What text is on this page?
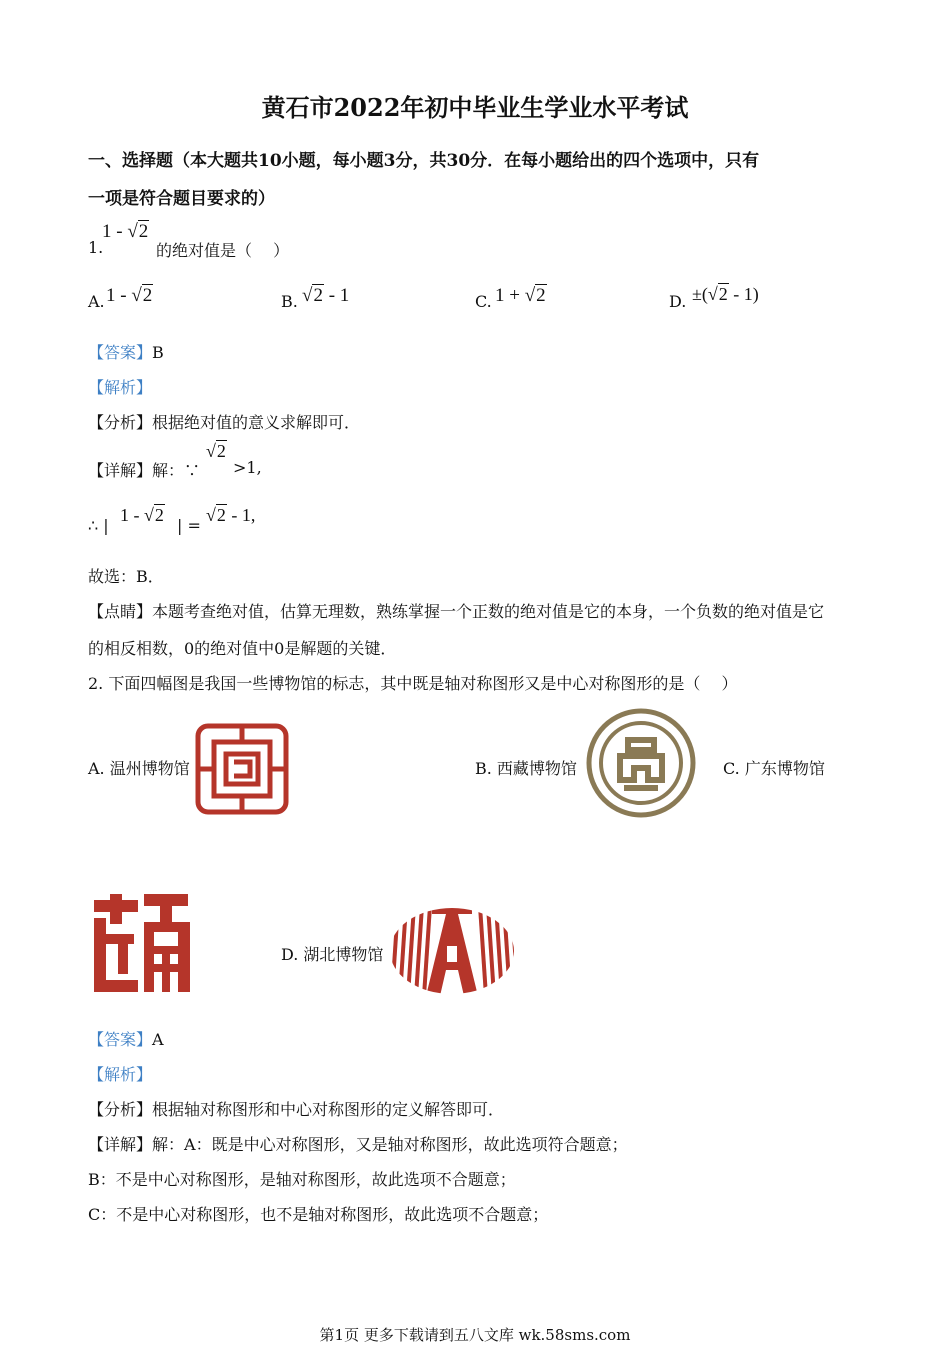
黄石市2022年初中毕业生学业水平考试
一、选择题（本大题共10小题，每小题3分，共30分．在每小题给出的四个选项中，只有
一项是符合题目要求的）
1.
1 - √2
的绝对值是（　 ）
A. 1 - √2	B. √2 - 1	C. 1 + √2	D. ±(√2 - 1)
【答案】B
【解析】
【分析】根据绝对值的意义求解即可．
【详解】解：∵
√2
>1,
∴ |
1 - √2
| =
√2 - 1,
故选：B．
【点睛】本题考查绝对值，估算无理数，熟练掌握一个正数的绝对值是它的本身，一个负数的绝对值是它
的相反相数，0的绝对值中0是解题的关键．
2. 下面四幅图是我国一些博物馆的标志，其中既是轴对称图形又是中心对称图形的是（　 ）
A. 温州博物馆	B. 西藏博物馆	C. 广东博物馆
D. 湖北博物馆
【答案】A
【解析】
【分析】根据轴对称图形和中心对称图形的定义解答即可．
【详解】解：A：既是中心对称图形，又是轴对称图形，故此选项符合题意；
B：不是中心对称图形，是轴对称图形，故此选项不合题意；
C：不是中心对称图形，也不是轴对称图形，故此选项不合题意；
第1页 更多下载请到五八文库 wk.58sms.com
